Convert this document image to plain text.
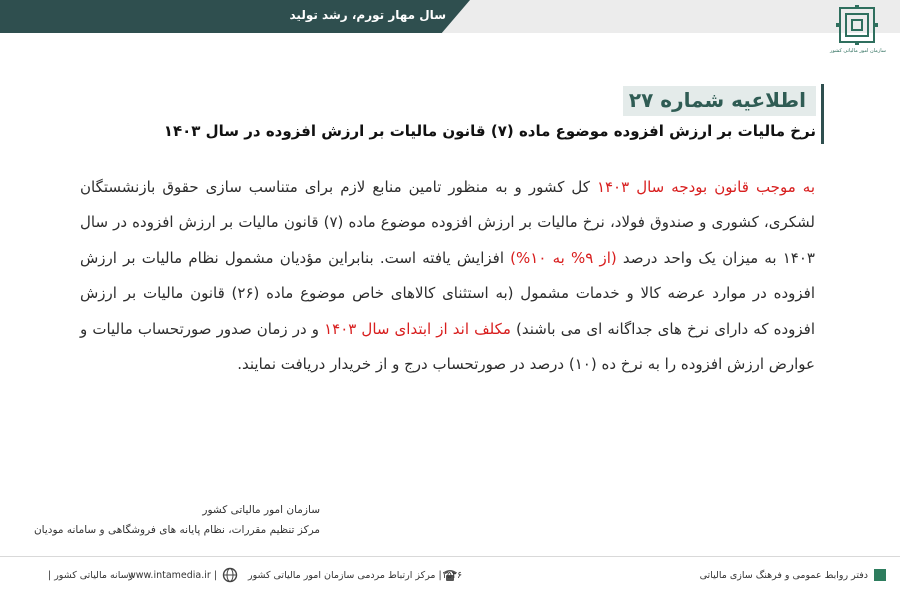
سال مهار تورم، رشد تولید
سازمان امور مالیاتی کشور
اطلاعیه شماره ۲۷
نرخ مالیات بر ارزش افزوده موضوع ماده (۷) قانون مالیات بر ارزش افزوده در سال ۱۴۰۳
به موجب قانون بودجه سال ۱۴۰۳ کل کشور و به منظور تامین منابع لازم برای متناسب سازی حقوق بازنشستگان لشکری، کشوری و صندوق فولاد، نرخ مالیات بر ارزش افزوده موضوع ماده (۷) قانون مالیات بر ارزش افزوده در سال ۱۴۰۳ به میزان یک واحد درصد (از ۹% به ۱۰%) افزایش یافته است. بنابراین مؤدیان مشمول نظام مالیات بر ارزش افزوده در موارد عرضه کالا و خدمات مشمول (به استثنای کالاهای خاص موضوع ماده (۲۶) قانون مالیات بر ارزش افزوده که دارای نرخ های جداگانه ای می باشند) مکلف اند از ابتدای سال ۱۴۰۳ و در زمان صدور صورتحساب مالیات و عوارض ارزش افزوده را به نرخ ده (۱۰) درصد در صورتحساب درج و از خریدار دریافت نمایند.
سازمان امور مالیاتی کشور
مرکز تنظیم مقررات، نظام پایانه های فروشگاهی و سامانه مودیان
دفتر روابط عمومی و فرهنگ سازی مالیاتی
۱۵۲۶| مرکز ارتباط مردمی سازمان امور مالیاتی کشور
www.intamedia.ir |
رسانه مالیاتی کشور |
